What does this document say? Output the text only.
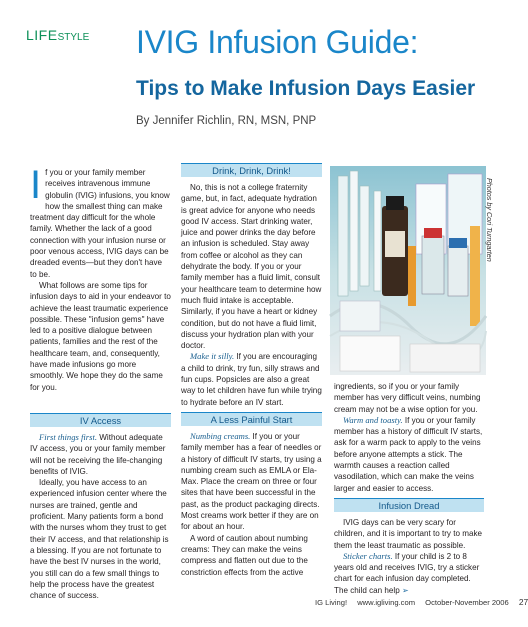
LIFESTYLE IVIG Infusion Guide:
Tips to Make Infusion Days Easier
By Jennifer Richlin, RN, MSN, PNP

If you or your family member receives intravenous immune globulin (IVIG) infusions, you know how the smallest thing can make treatment day difficult for the whole family. Whether the lack of a good connection with your infusion nurse or poor venous access, IVIG days can be dreaded events—but they don't have to be.

What follows are some tips for infusion days to aid in your endeavor to achieve the least traumatic experience possible. These "infusion gems" have led to a positive dialogue between patients, families and the rest of the healthcare team, and, consequently, have made infusions go more smoothly. We hope they do the same for you.

IV Access

First things first. Without adequate IV access, you or your family member will not be receiving the life-changing benefits of IVIG.

Ideally, you have access to an experienced infusion center where the nurses are trained, gentle and proficient. Many patients form a bond with the nurses whom they trust to get their IV access, and that relationship is a blessing. If you are not fortunate to have the best IV nurses in the world, you still can do a few small things to help the process have the greatest chance of success.

Drink, Drink, Drink!

No, this is not a college fraternity game, but, in fact, adequate hydration is great advice for anyone who needs good IV access. Start drinking water, juice and power drinks the day before an infusion is scheduled. Stay away from coffee or alcohol as they can dehydrate the body. If you or your family member has a fluid limit, consult your healthcare team to determine how much fluid intake is acceptable. Similarly, if you have a heart or kidney condition, but do not have a fluid limit, discuss your hydration plan with your doctor.

Make it silly. If you are encouraging a child to drink, try fun, silly straws and fun cups. Popsicles are also a great way to let children have fun while trying to hydrate before an IV start.

A Less Painful Start

Numbing creams. If you or your family member has a fear of needles or a history of difficult IV starts, try using a numbing cream such as EMLA or Ela-Max. Place the cream on three or four sites that have been successful in the past, as the product packaging directs. Most creams work better if they are on for about an hour.

A word of caution about numbing creams: They can make the veins compress and flatten out due to the constriction effects from the active

Photos by Cori Turngarten

ingredients, so if you or your family member has very difficult veins, numbing cream may not be a wise option for you.

Warm and toasty. If you or your family member has a history of difficult IV starts, ask for a warm pack to apply to the veins before anyone attempts a stick. The warmth causes a reaction called vasodilation, which can make the veins larger and easier to access.

Infusion Dread

IVIG days can be very scary for children, and it is important to try to make them the least traumatic as possible.

Sticker charts. If your child is 2 to 8 years old and receives IVIG, try a sticker chart for each infusion day completed. The child can help ➢

IG Living! www.igliving.com October-November 2006 27
